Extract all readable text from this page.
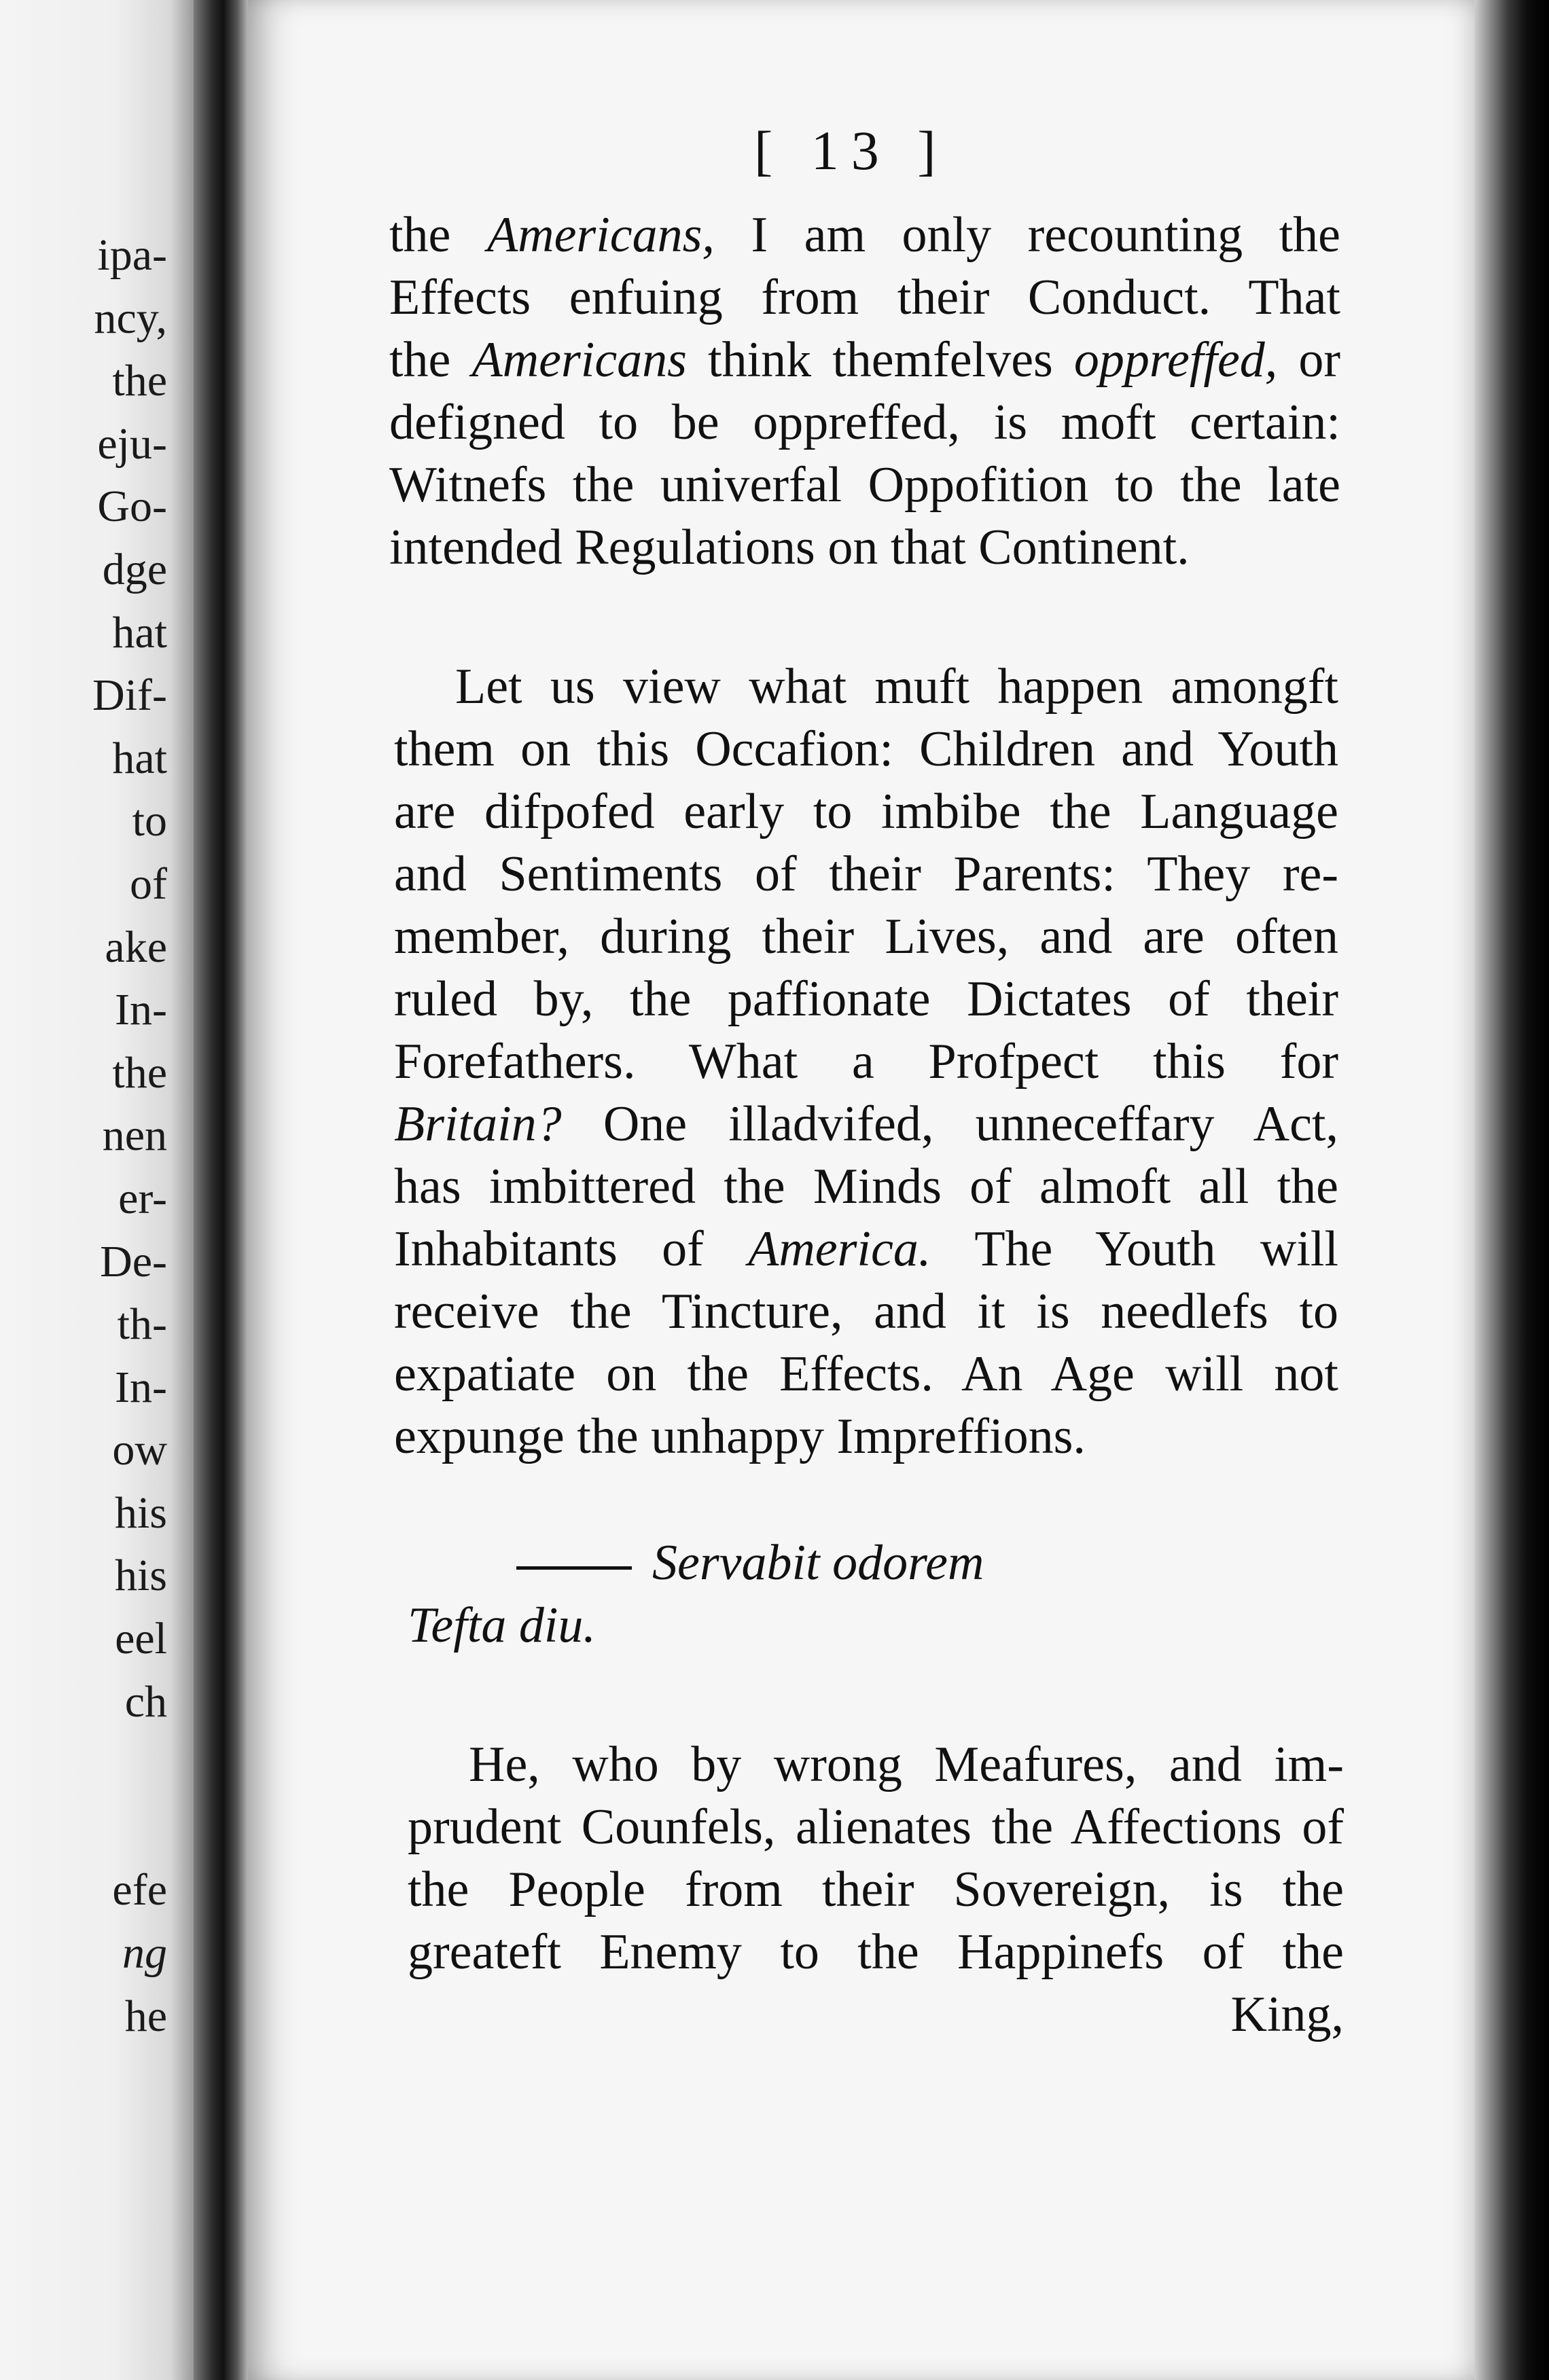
ipa-
ncy,
the
eju-
Go-
dge
hat
Dif-
hat
to
of
ake
In-
the
nen
er-
De-
th-
In-
ow
his
his
eel
ch
efe
ng
he
[ 13 ]
the Americans, I am only recounting the
Effects enfuing from their Conduct. That
the Americans think themfelves oppreffed, or
defigned to be oppreffed, is moft certain:
Witnefs the univerfal Oppofition to the late
intended Regulations on that Continent.
Let us view what muft happen amongft
them on this Occafion: Children and Youth
are difpofed early to imbibe the Language
and Sentiments of their Parents: They re-
member, during their Lives, and are often
ruled by, the paffionate Dictates of their
Forefathers. What a Profpect this for
Britain? One illadvifed, unneceffary Act,
has imbittered the Minds of almoft all the
Inhabitants of America. The Youth will
receive the Tincture, and it is needlefs to
expatiate on the Effects. An Age will not
expunge the unhappy Impreffions.
Servabit odorem
Tefta diu.
He, who by wrong Meafures, and im-
prudent Counfels, alienates the Affections of
the People from their Sovereign, is the
greateft Enemy to the Happinefs of the
King,
